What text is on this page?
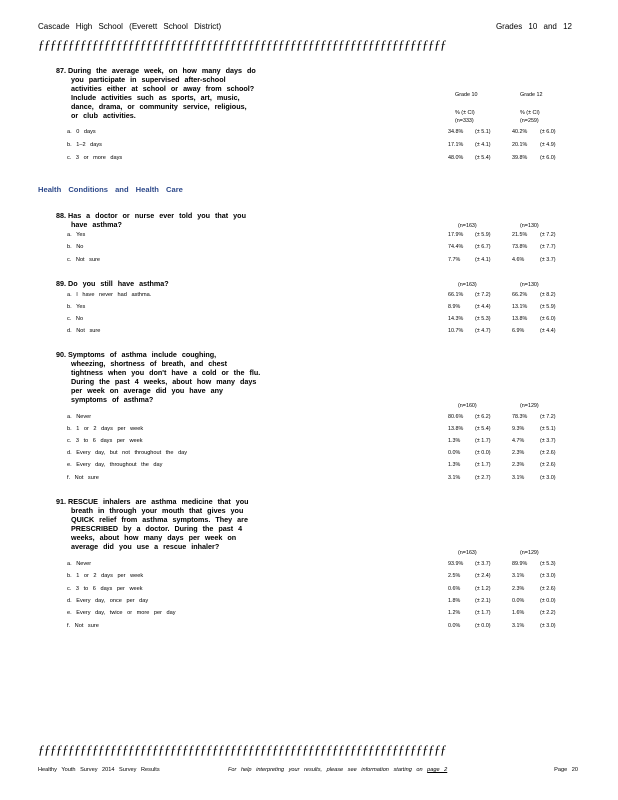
Cascade High School (Everett School District)	Grades 10 and 12
ƒƒƒƒƒƒƒƒƒƒƒƒƒƒƒƒƒƒƒƒƒƒƒƒƒƒƒƒƒƒƒƒƒƒƒƒƒƒƒƒƒƒƒƒƒƒƒƒƒƒƒƒƒƒƒƒƒƒƒƒƒƒƒƒƒƒƒƒ
87. During the average week, on how many days do
you participate in supervised after-school
activities either at school or away from school?
Include activities such as sports, art, music,
dance, drama, or community service, religious,
or club activities.
Grade 10	Grade 12
% (± CI)	% (± CI)
(n=333)	(n=259)
a. 0 days	34.8% (± 5.1)	40.2% (± 6.0)
b. 1–2 days	17.1% (± 4.1)	20.1% (± 4.9)
c. 3 or more days	48.0% (± 5.4)	39.8% (± 6.0)
Health Conditions and Health Care
88. Has a doctor or nurse ever told you that you
have asthma?	(n=163)	(n=130)
a. Yes	17.9% (± 5.9)	21.5% (± 7.2)
b. No	74.4% (± 6.7)	73.8% (± 7.7)
c. Not sure	7.7%	(± 4.1)	4.6%	(± 3.7)
89. Do you still have asthma?	(n=163)	(n=130)
a. I have never had asthma.	66.1% (± 7.2)	66.2% (± 8.2)
b. Yes	8.9%	(± 4.4)	13.1% (± 5.9)
c. No	14.3% (± 5.3)	13.8% (± 6.0)
d. Not sure	10.7% (± 4.7)	6.9%	(± 4.4)
90. Symptoms of asthma include coughing,
wheezing, shortness of breath, and chest
tightness when you don't have a cold or the flu.
During the past 4 weeks, about how many days
per week on average did you have any
symptoms of asthma?
(n=160)	(n=129)
a. Never	80.6% (± 6.2)	78.3% (± 7.2)
b. 1 or 2 days per week	13.8% (± 5.4)	9.3%	(± 5.1)
c. 3 to 6 days per week	1.3%	(± 1.7)	4.7%	(± 3.7)
d. Every day, but not throughout the day	0.0%	(± 0.0)	2.3%	(± 2.6)
e. Every day, throughout the day	1.3%	(± 1.7)	2.3%	(± 2.6)
f. Not sure	3.1%	(± 2.7)	3.1%	(± 3.0)
91. RESCUE inhalers are asthma medicine that you
breath in through your mouth that gives you
QUICK relief from asthma symptoms. They are
PRESCRIBED by a doctor. During the past 4
weeks, about how many days per week on
average did you use a rescue inhaler?
(n=163)	(n=129)
a. Never	93.9% (± 3.7)	89.9% (± 5.3)
b. 1 or 2 days per week	2.5%	(± 2.4)	3.1%	(± 3.0)
c. 3 to 6 days per week	0.6%	(± 1.2)	2.3%	(± 2.6)
d. Every day, once per day	1.8%	(± 2.1)	0.0%	(± 0.0)
e. Every day, twice or more per day	1.2%	(± 1.7)	1.6%	(± 2.2)
f. Not sure	0.0%	(± 0.0)	3.1%	(± 3.0)
ƒƒƒƒƒƒƒƒƒƒƒƒƒƒƒƒƒƒƒƒƒƒƒƒƒƒƒƒƒƒƒƒƒƒƒƒƒƒƒƒƒƒƒƒƒƒƒƒƒƒƒƒƒƒƒƒƒƒƒƒƒƒƒƒƒƒƒƒ
Healthy Youth Survey 2014 Survey Results	For help interpreting your results, please see information starting on page 2	Page 20
